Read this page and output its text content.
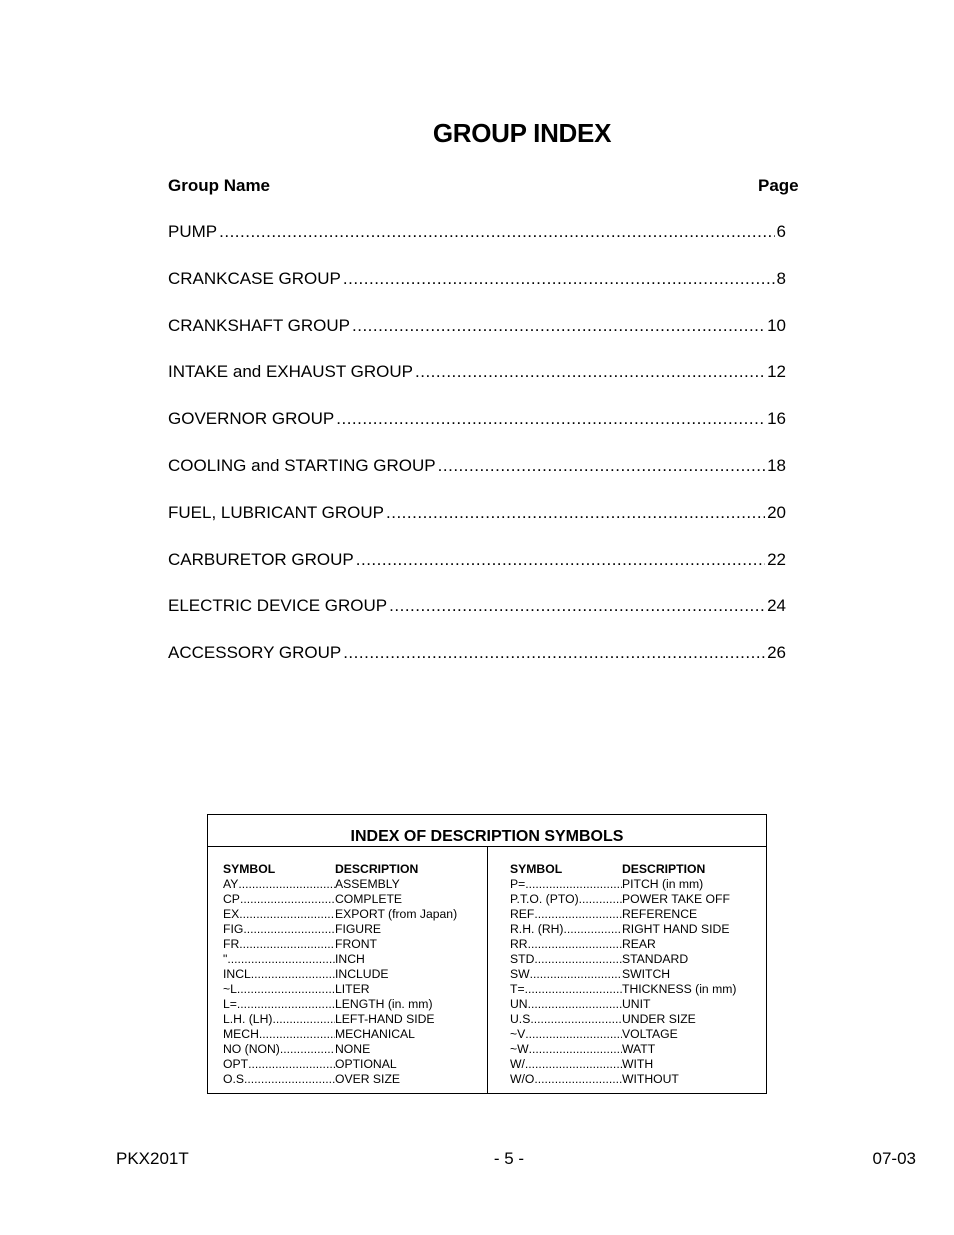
GROUP INDEX
Group Name	Page
PUMP .....	6
CRANKCASE GROUP .....	8
CRANKSHAFT GROUP .....	10
INTAKE and EXHAUST GROUP .....	12
GOVERNOR GROUP .....	16
COOLING and STARTING GROUP .....	18
FUEL, LUBRICANT GROUP .....	20
CARBURETOR GROUP .....	22
ELECTRIC DEVICE GROUP .....	24
ACCESSORY GROUP .....	26
INDEX OF DESCRIPTION SYMBOLS
SYMBOL	DESCRIPTION
AY .....	ASSEMBLY
CP .....	COMPLETE
EX .....	EXPORT (from Japan)
FIG .....	FIGURE
FR .....	FRONT
" .....	INCH
INCL. .....	INCLUDE
~L .....	LITER
L= .....	LENGTH (in. mm)
L.H. (LH) .....	LEFT-HAND SIDE
MECH .....	MECHANICAL
NO (NON) .....	NONE
OPT .....	OPTIONAL
O.S. .....	OVER SIZE
SYMBOL	DESCRIPTION
P= .....	PITCH (in mm)
P.T.O. (PTO) .....	POWER TAKE OFF
REF .....	REFERENCE
R.H. (RH) .....	RIGHT HAND SIDE
RR. .....	REAR
STD. .....	STANDARD
SW .....	SWITCH
T= .....	THICKNESS (in mm)
UN .....	UNIT
U.S .....	UNDER SIZE
~V .....	VOLTAGE
~W .....	WATT
W/ .....	WITH
W/O .....	WITHOUT
PKX201T	- 5 -	07-03
